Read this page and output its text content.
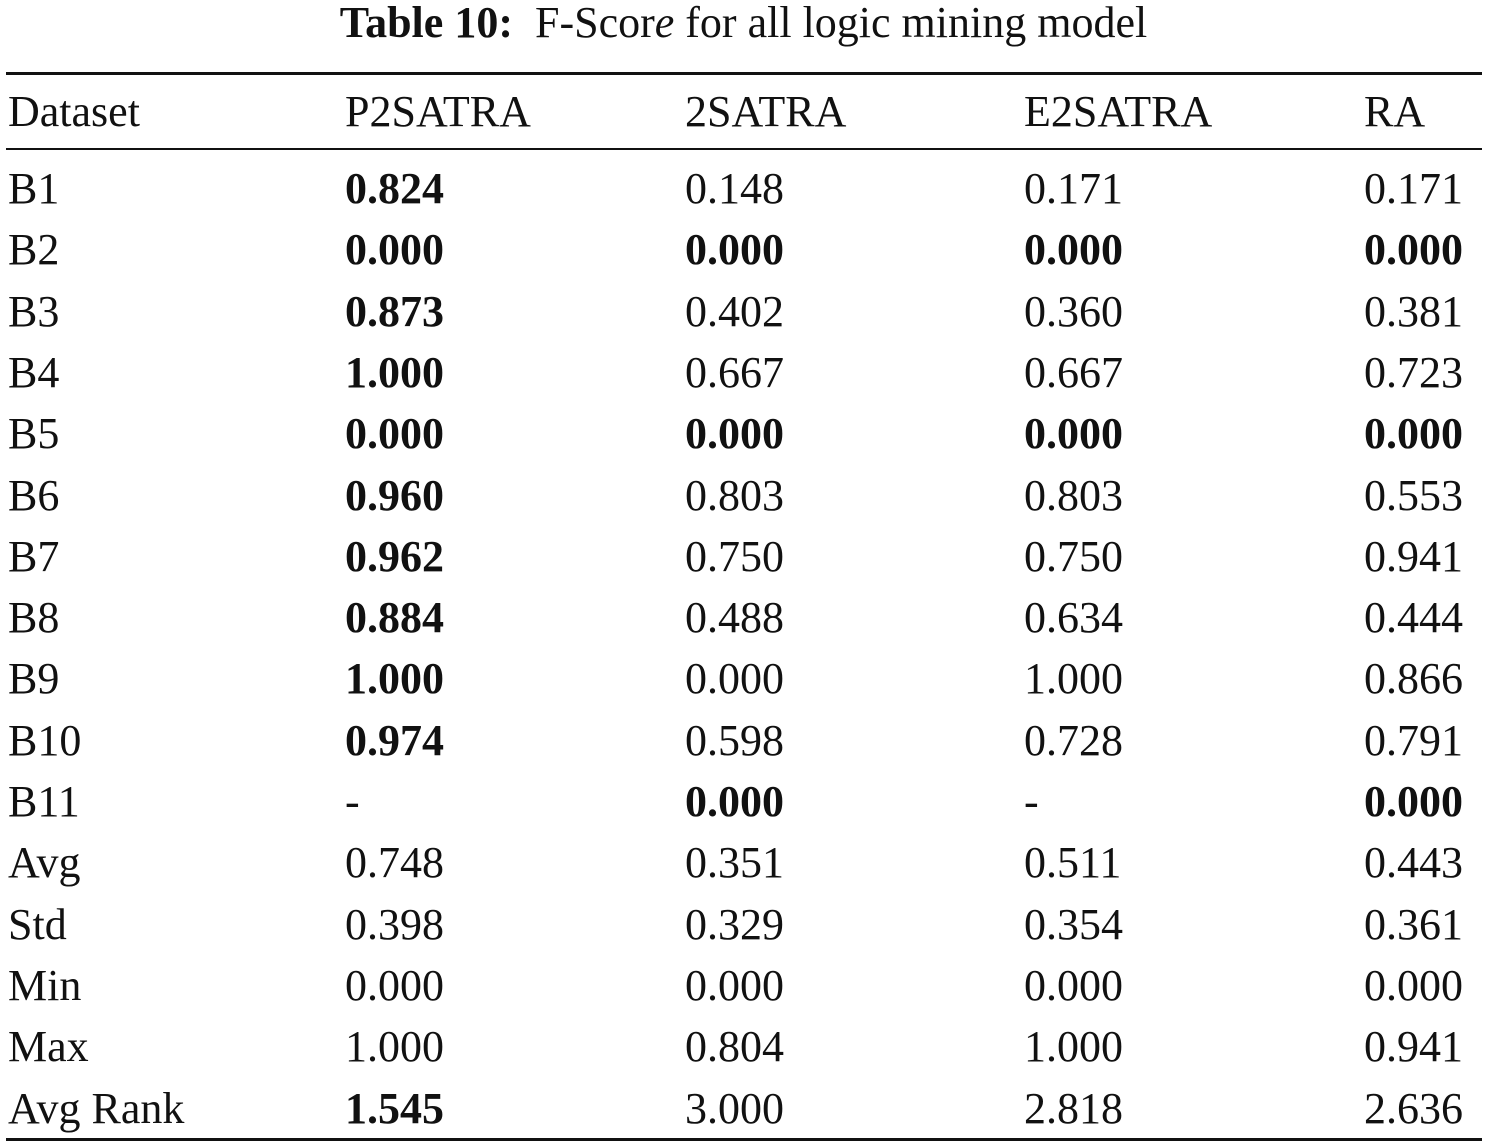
Table 10: F-Score for all logic mining model
Dataset	P2SATRA	2SATRA	E2SATRA	RA
B1	0.824	0.148	0.171	0.171
B2	0.000	0.000	0.000	0.000
B3	0.873	0.402	0.360	0.381
B4	1.000	0.667	0.667	0.723
B5	0.000	0.000	0.000	0.000
B6	0.960	0.803	0.803	0.553
B7	0.962	0.750	0.750	0.941
B8	0.884	0.488	0.634	0.444
B9	1.000	0.000	1.000	0.866
B10	0.974	0.598	0.728	0.791
B11	-	0.000	-	0.000
Avg	0.748	0.351	0.511	0.443
Std	0.398	0.329	0.354	0.361
Min	0.000	0.000	0.000	0.000
Max	1.000	0.804	1.000	0.941
Avg Rank	1.545	3.000	2.818	2.636
